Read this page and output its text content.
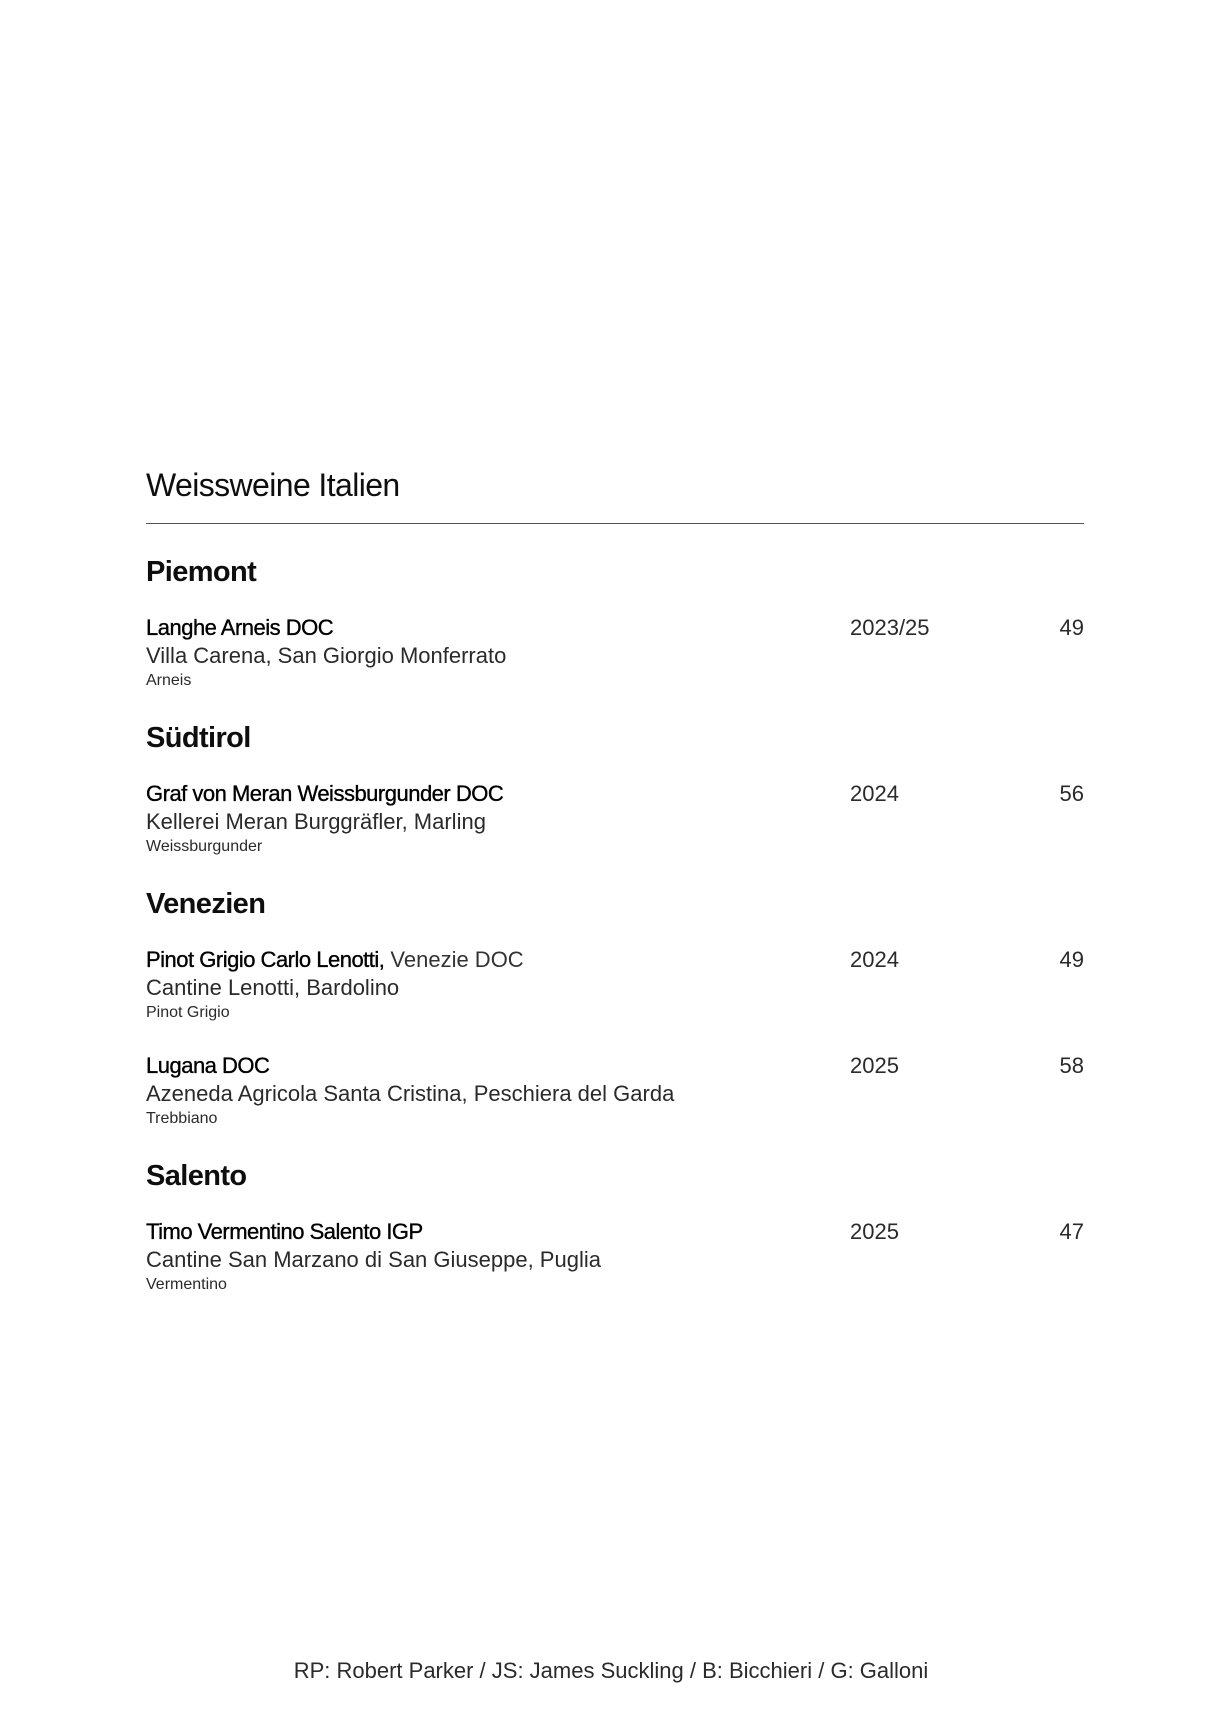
Weissweine Italien
Piemont
Langhe Arneis DOC	2023/25	49
Villa Carena, San Giorgio Monferrato
Arneis
Südtirol
Graf von Meran Weissburgunder DOC	2024	56
Kellerei Meran Burggräfler, Marling
Weissburgunder
Venezien
Pinot Grigio Carlo Lenotti, Venezie DOC	2024	49
Cantine Lenotti, Bardolino
Pinot Grigio
Lugana DOC	2025	58
Azeneda Agricola Santa Cristina, Peschiera del Garda
Trebbiano
Salento
Timo Vermentino Salento IGP	2025	47
Cantine San Marzano di San Giuseppe, Puglia
Vermentino
RP: Robert Parker / JS: James Suckling / B: Bicchieri / G: Galloni
